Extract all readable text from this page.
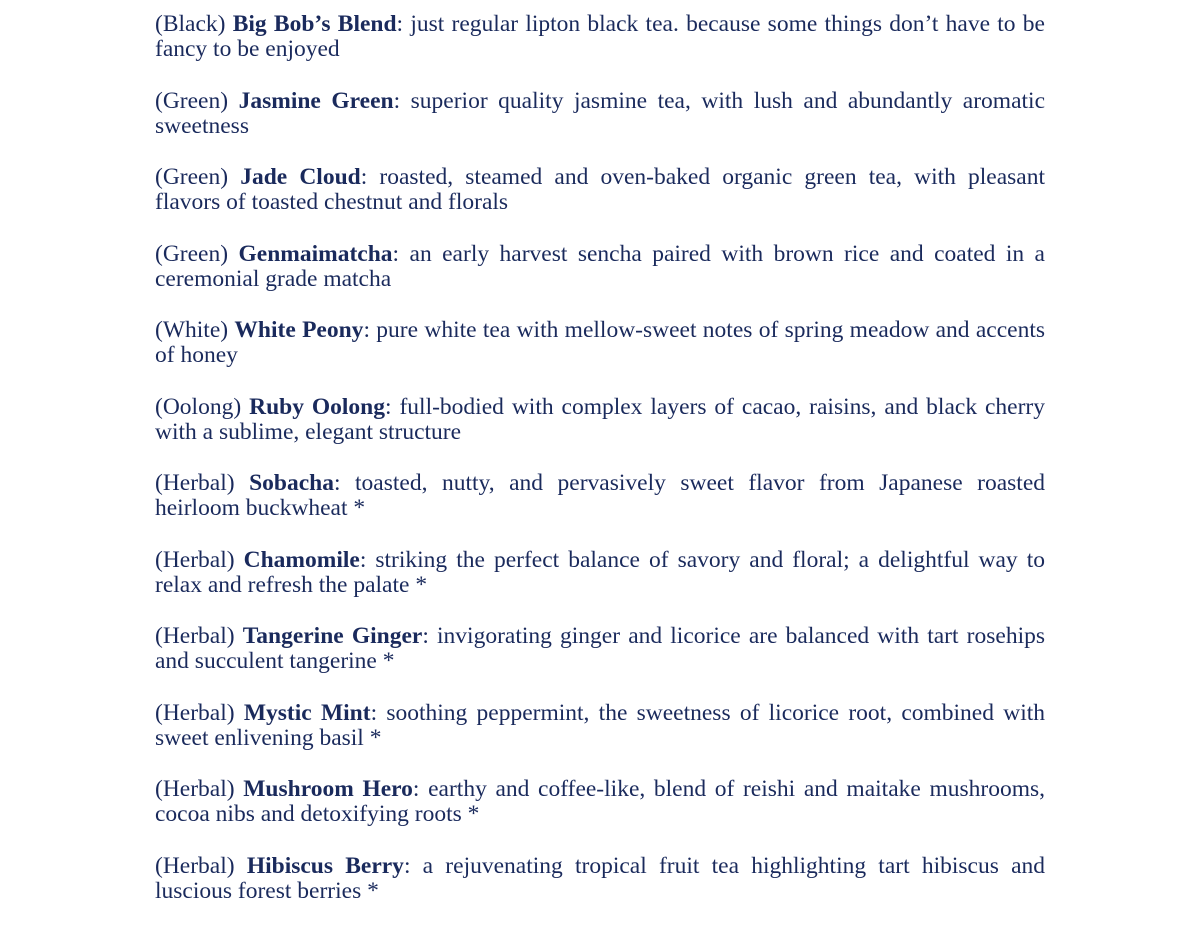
(Black) Big Bob’s Blend: just regular lipton black tea. because some things don’t have to be fancy to be enjoyed

(Green) Jasmine Green: superior quality jasmine tea, with lush and abundantly aromatic sweetness

(Green) Jade Cloud: roasted, steamed and oven-baked organic green tea, with pleasant flavors of toasted chestnut and florals

(Green) Genmaimatcha: an early harvest sencha paired with brown rice and coated in a ceremonial grade matcha

(White) White Peony: pure white tea with mellow-sweet notes of spring meadow and accents of honey

(Oolong) Ruby Oolong: full-bodied with complex layers of cacao, raisins, and black cherry with a sublime, elegant structure

(Herbal) Sobacha: toasted, nutty, and pervasively sweet flavor from Japanese roasted heirloom buckwheat *

(Herbal) Chamomile: striking the perfect balance of savory and floral; a delightful way to relax and refresh the palate *

(Herbal) Tangerine Ginger: invigorating ginger and licorice are balanced with tart rosehips and succulent tangerine *

(Herbal) Mystic Mint: soothing peppermint, the sweetness of licorice root, combined with sweet enlivening basil *

(Herbal) Mushroom Hero: earthy and coffee-like, blend of reishi and maitake mushrooms, cocoa nibs and detoxifying roots *

(Herbal) Hibiscus Berry: a rejuvenating tropical fruit tea highlighting tart hibiscus and luscious forest berries *
